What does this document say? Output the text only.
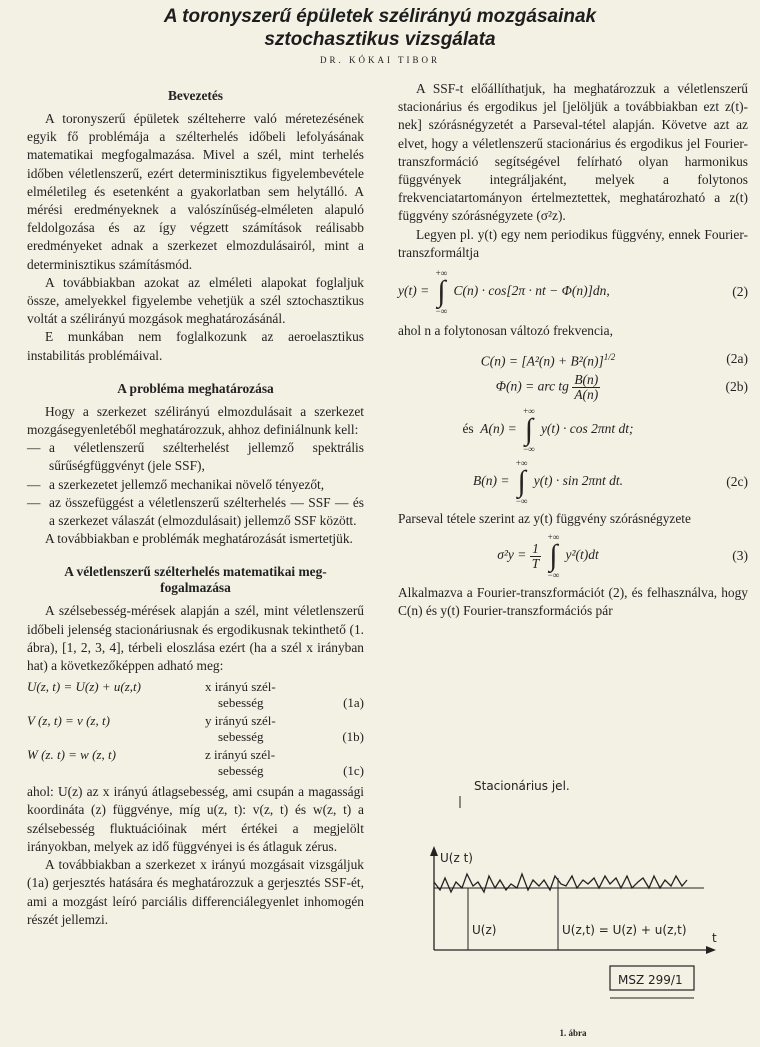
A toronyszerű épületek szélirányú mozgásainak
sztochasztikus vizsgálata
DR. KÓKAI TIBOR
Bevezetés

A toronyszerű épületek szélteherre való méretezésének egyik fő problémája a szélterhelés időbeli lefolyásának matematikai megfogalmazása. Mivel a szél, mint terhelés időben véletlenszerű, ezért determinisztikus figyelembevétele elméletileg és esetenként a gyakorlatban sem helytálló. A mérési eredményeknek a valószínűség-elméleten alapuló feldolgozása és az így végzett számítások reálisabb eredményeket adnak a szerkezet elmozdulásairól, mint a determinisztikus számításmód.

A továbbiakban azokat az elméleti alapokat foglaljuk össze, amelyekkel figyelembe vehetjük a szél sztochasztikus voltát a szélirányú mozgások meghatározásánál.

E munkában nem foglalkozunk az aeroelasztikus instabilitás problémáival.

A probléma meghatározása

Hogy a szerkezet szélirányú elmozdulásait a szerkezet mozgásegyenletéből meghatározzuk, ahhoz definiálnunk kell:

— a véletlenszerű szélterhelést jellemző spektrális sűrűségfüggvényt (jele SSF),
— a szerkezetet jellemző mechanikai növelő tényezőt,
— az összefüggést a véletlenszerű szélterhelés — SSF — és a szerkezet válaszát (elmozdulásait) jellemző SSF között.

A továbbiakban e problémák meghatározását ismertetjük.

A véletlenszerű szélterhelés matematikai meg-
fogalmazása

A szélsebesség-mérések alapján a szél, mint véletlenszerű időbeli jelenség stacionáriusnak és ergodikusnak tekinthető (1. ábra), [1, 2, 3, 4], térbeli eloszlása ezért (ha a szél x irányban hat) a következőképpen adható meg:

U(z, t) = U(z) + u(z,t)	x irányú szél-
sebesség	(1a)
V (z, t) = v (z, t)	y irányú szél-
sebesség	(1b)
W (z. t) = w (z, t)	z irányú szél-
sebesség	(1c)

ahol: U(z) az x irányú átlagsebesség, ami csupán a magassági koordináta (z) függvénye, míg u(z, t): v(z, t) és w(z, t) a szélsebesség fluktuációinak mért értékei a megjelölt irányokban, melyek az idő függvényei is és átlaguk zérus.

A továbbiakban a szerkezet x irányú mozgásait vizsgáljuk (1a) gerjesztés hatására és meghatározzuk a gerjesztés SSF-ét, ami a mozgást leíró parciális differenciálegyenlet inhomogén részét jellemzi.

A SSF-t előállíthatjuk, ha meghatározzuk a véletlenszerű stacionárius és ergodikus jel [jelöljük a továbbiakban ezt z(t)-nek] szórásnégyzetét a Parseval-tétel alapján. Követve azt az elvet, hogy a véletlenszerű stacionárius és ergodikus jel Fourier-transzformáció segítségével felírható olyan harmonikus függvények integráljaként, melyek a folytonos frekvenciatartományon értelmeztettek, meghatározható a z(t) függvény szórásnégyzete (σ²z).

Legyen pl. y(t) egy nem periodikus függvény, ennek Fourier-transzformáltja

y(t) =
+∞
∫
−∞
C(n) · cos[2π · nt − Φ(n)]dn,	(2)

ahol n a folytonosan változó frekvencia,

$C(n) = [A^2(n) + B^2(n)]^{1/2}$	(2a)
Φ(n) = arc tg $\frac{B(n)}{A(n)}$	(2b)
és A(n) =
+∞
∫
−∞
y(t) · cos 2πnt dt;
B(n) =
+∞
∫
−∞
y(t) · sin 2πnt dt.	(2c)

Parseval tétele szerint az y(t) függvény szórásnégyzete

$\sigma^2y = \frac{1}{T}$

+∞
∫
−∞
y²(t)dt	(3)

Alkalmazva a Fourier-transzformációt (2), és felhasználva, hogy C(n) és y(t) Fourier-transzformációs pár

Stacionárius jel.
U(z t)
t
U(z)	U(z,t) = U(z) + u(z,t)
MSZ 299/1
1. ábra
